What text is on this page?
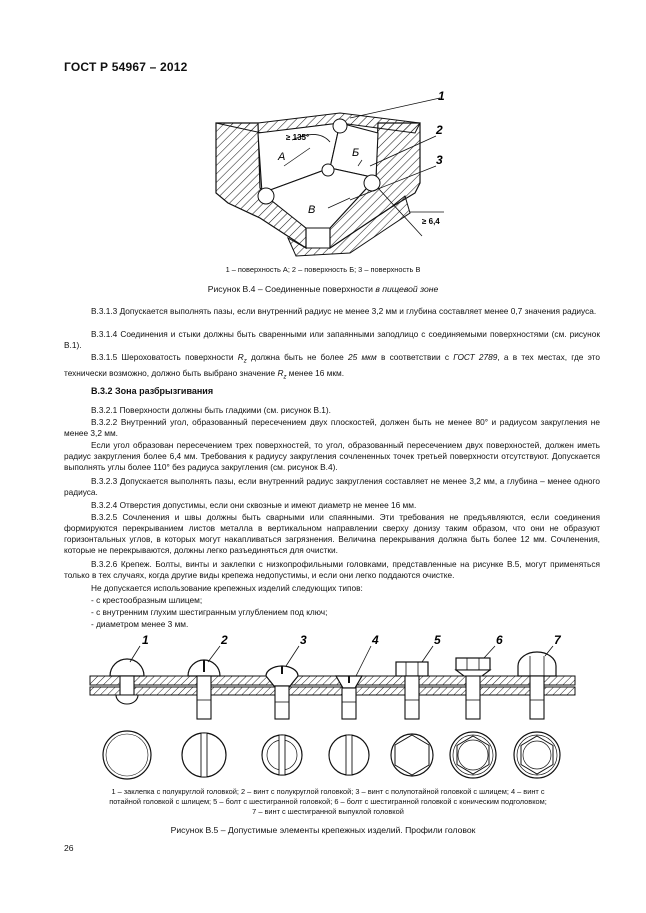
ГОСТ Р 54967 – 2012
≥ 135°
А	Б
В
1
2
3
≥ 6,4
1 – поверхность А; 2 – поверхность Б; 3 – поверхность В
Рисунок В.4 – Соединенные поверхности в пищевой зоне
В.3.1.3 Допускается выполнять пазы, если внутренний радиус не менее 3,2 мм и глубина составляет менее 0,7 значения радиуса.
В.3.1.4 Соединения и стыки должны быть сваренными или запаянными заподлицо с соединяемыми поверхностями (см. рисунок В.1).
В.3.1.5 Шероховатость поверхности $R_z$ должна быть не более 25 мкм в соответствии с ГОСТ 2789, а в тех местах, где это технически возможно, должно быть выбрано значение $R_z$ менее 16 мкм.
В.3.2 Зона разбрызгивания
В.3.2.1 Поверхности должны быть гладкими (см. рисунок В.1).
В.3.2.2 Внутренний угол, образованный пересечением двух плоскостей, должен быть не менее 80° и радиусом закругления не менее 3,2 мм.
Если угол образован пересечением трех поверхностей, то угол, образованный пересечением двух поверхностей, должен иметь радиус закругления более 6,4 мм. Требования к радиусу закругления сочлененных точек третьей поверхности отсутствуют. Допускается выполнять углы более 110° без радиуса закругления (см. рисунок В.4).
В.3.2.3 Допускается выполнять пазы, если внутренний радиус закругления составляет не менее 3,2 мм, а глубина – менее одного радиуса.
В.3.2.4 Отверстия допустимы, если они сквозные и имеют диаметр не менее 16 мм.
В.3.2.5 Сочленения и швы должны быть сварными или спаянными. Эти требования не предъявляются, если соединения формируются перекрыванием листов металла в вертикальном направлении сверху донизу таким образом, что они не образуют горизонтальных углов, в которых могут накапливаться загрязнения. Величина перекрывания должна быть более 12 мм. Сочленения, которые не перекрываются, должны легко разъединяться для очистки.
В.3.2.6 Крепеж. Болты, винты и заклепки с низкопрофильными головками, представленные на рисунке В.5, могут применяться только в тех случаях, когда другие виды крепежа недопустимы, и если они легко поддаются очистке.
Не допускается использование крепежных изделий следующих типов:
- с крестообразным шлицем;
- с внутренним глухим шестигранным углублением под ключ;
- диаметром менее 3 мм.
1	2	3	4	5	6	7
1 – заклепка с полукруглой головкой; 2 – винт с полукруглой головкой; 3 – винт с полупотайной головкой с шлицем; 4 – винт с
потайной головкой с шлицем; 5 – болт с шестигранной головкой; 6 – болт с шестигранной головкой с коническим подголовком;
7 – винт с шестигранной выпуклой головкой
Рисунок В.5 – Допустимые элементы крепежных изделий. Профили головок
26
